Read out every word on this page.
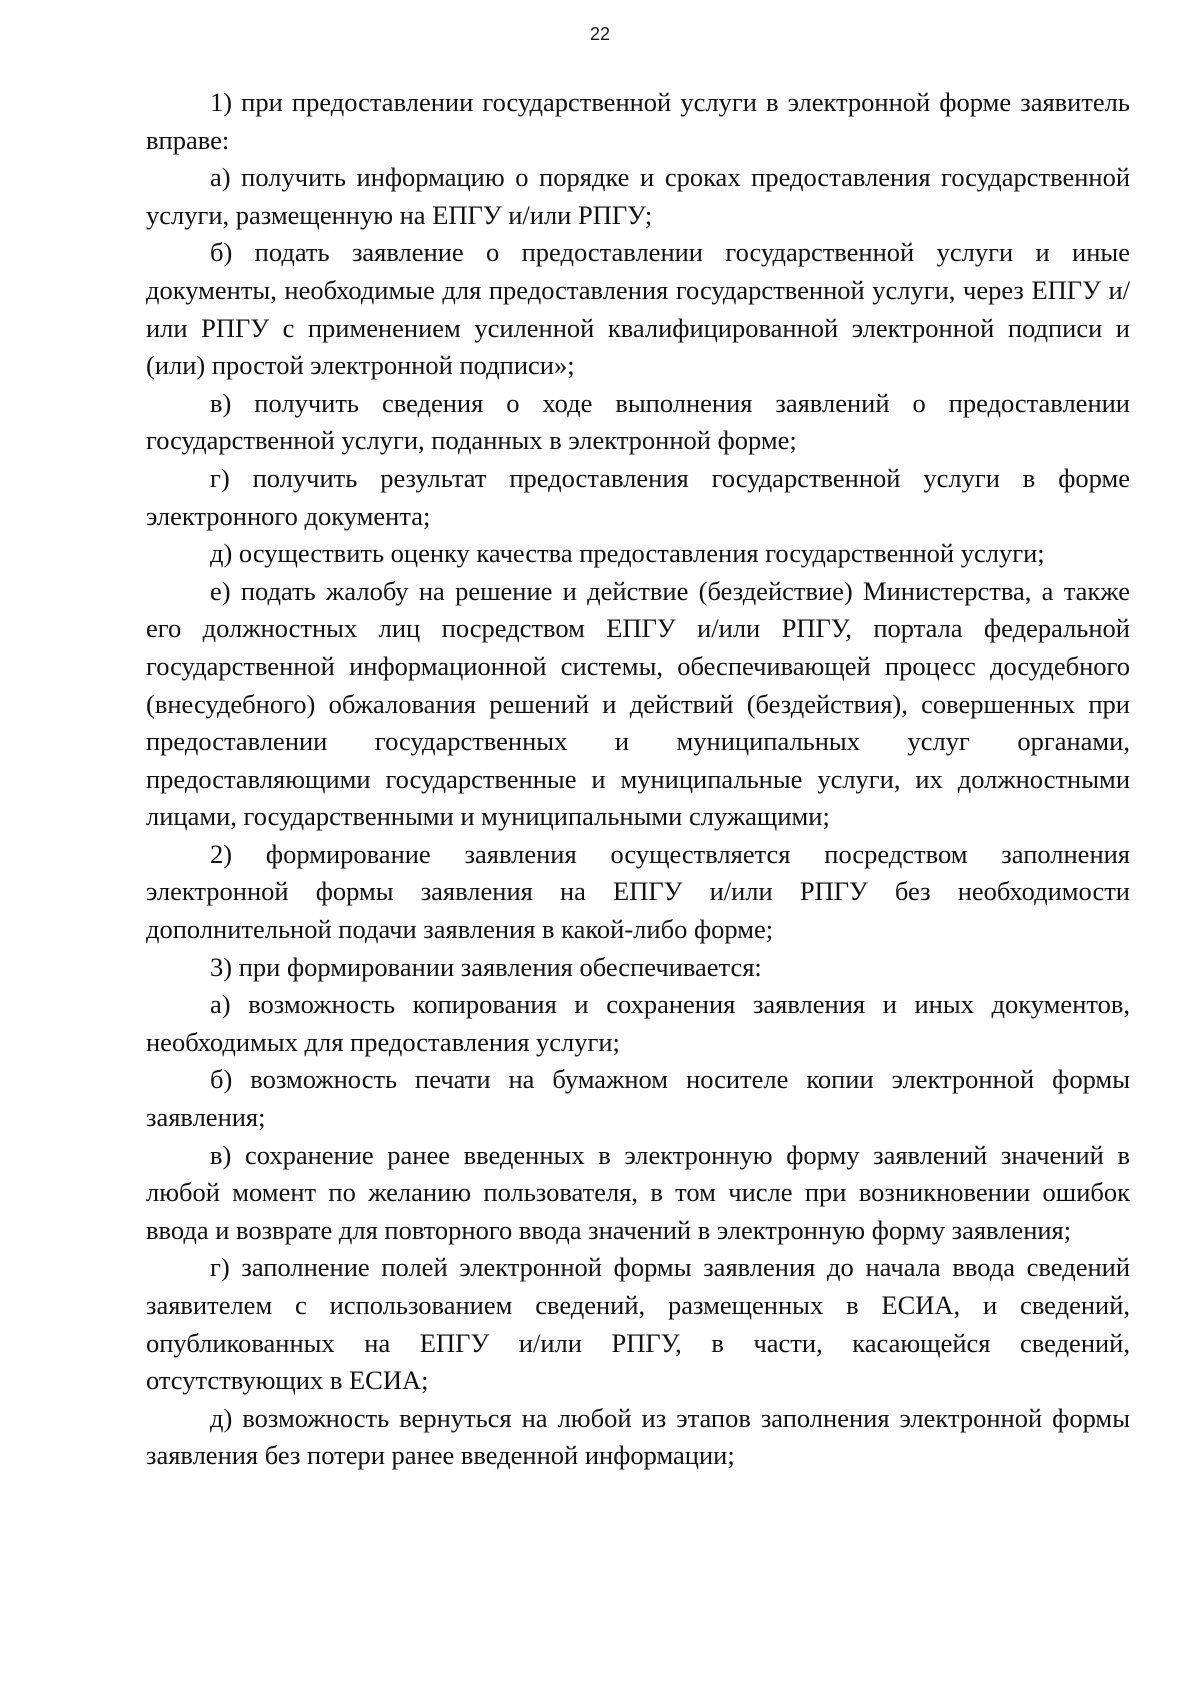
22

1) при предоставлении государственной услуги в электронной форме заявитель вправе:

а) получить информацию о порядке и сроках предоставления государственной услуги, размещенную на ЕПГУ и/или РПГУ;

б) подать заявление о предоставлении государственной услуги и иные документы, необходимые для предоставления государственной услуги, через ЕПГУ и/или РПГУ с применением усиленной квалифицированной электронной подписи и (или) простой электронной подписи»;

в) получить сведения о ходе выполнения заявлений о предоставлении государственной услуги, поданных в электронной форме;

г) получить результат предоставления государственной услуги в форме электронного документа;

д) осуществить оценку качества предоставления государственной услуги;

е) подать жалобу на решение и действие (бездействие) Министерства, а также его должностных лиц посредством ЕПГУ и/или РПГУ, портала федеральной государственной информационной системы, обеспечивающей процесс досудебного (внесудебного) обжалования решений и действий (бездействия), совершенных при предоставлении государственных и муниципальных услуг органами, предоставляющими государственные и муниципальные услуги, их должностными лицами, государственными и муниципальными служащими;

2) формирование заявления осуществляется посредством заполнения электронной формы заявления на ЕПГУ и/или РПГУ без необходимости дополнительной подачи заявления в какой-либо форме;

3) при формировании заявления обеспечивается:

а) возможность копирования и сохранения заявления и иных документов, необходимых для предоставления услуги;

б) возможность печати на бумажном носителе копии электронной формы заявления;

в) сохранение ранее введенных в электронную форму заявлений значений в любой момент по желанию пользователя, в том числе при возникновении ошибок ввода и возврате для повторного ввода значений в электронную форму заявления;

г) заполнение полей электронной формы заявления до начала ввода сведений заявителем с использованием сведений, размещенных в ЕСИА, и сведений, опубликованных на ЕПГУ и/или РПГУ, в части, касающейся сведений, отсутствующих в ЕСИА;

д) возможность вернуться на любой из этапов заполнения электронной формы заявления без потери ранее введенной информации;
